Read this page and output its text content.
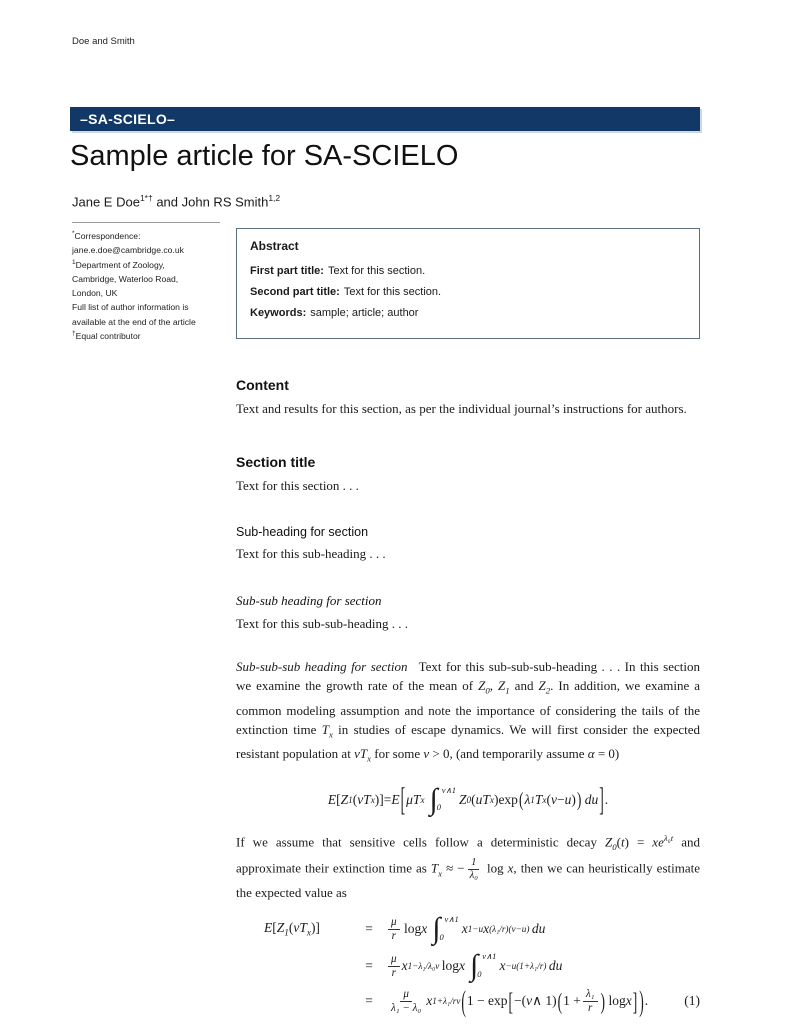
Doe and Smith
–SA-SCIELO–
Sample article for SA-SCIELO
Jane E Doe$^{1*\dagger}$ and John RS Smith$^{1,2}$
*Correspondence:
jane.e.doe@cambridge.co.uk
$^1$Department of Zoology,
Cambridge, Waterloo Road,
London, UK
Full list of author information is
available at the end of the article
†Equal contributor
Abstract
First part title: Text for this section.
Second part title: Text for this section.
Keywords: sample; article; author
Content

Text and results for this section, as per the individual journal’s instructions for authors.

Section title

Text for this section . . .

Sub-heading for section

Text for this sub-heading . . .

Sub-sub heading for section

Text for this sub-sub-heading . . .

Sub-sub-sub heading for section Text for this sub-sub-sub-heading . . . In this section we examine the growth rate of the mean of $Z_0$, $Z_1$ and $Z_2$. In addition, we examine a common modeling assumption and note the importance of considering the tails of the extinction time $T_x$ in studies of escape dynamics. We will first consider the expected resistant population at $vT_x$ for some v > 0, (and temporarily assume α = 0)

E [ Z 1 ( vT x ) ] = E [ μT x ∫ v∧1
0
Z 0 ( uT x ) exp ( λ 1 T x ( v − u ) ) du ] .

If we assume that sensitive cells follow a deterministic decay $Z_0(t) = xe^{\lambda_0t}$ and approximate their extinction time as $T_x$ ≈ − $\frac{1}{\text{λ₀}}$ log x, then we can heuristically estimate the expected value as

$E[Z_1(vT_x)]$	=	$\frac{\mu}{r}$ log x ∫ v∧1
0
x 1−u x (λ₁/r)(v−u) du
=	$\frac{\mu}{r}$ x 1−λ₁/λ₀v log x ∫ v∧1
0
x −u(1+λ₁/r) du
=	$\frac{\mu}{\text{λ₁ − λ₀}}$ x 1+λ₁/rv ( 1 − exp [ −( v ∧ 1) ( $1 + \frac{\text{λ₁}}{r}$ ) log x ] ) .	(1)
